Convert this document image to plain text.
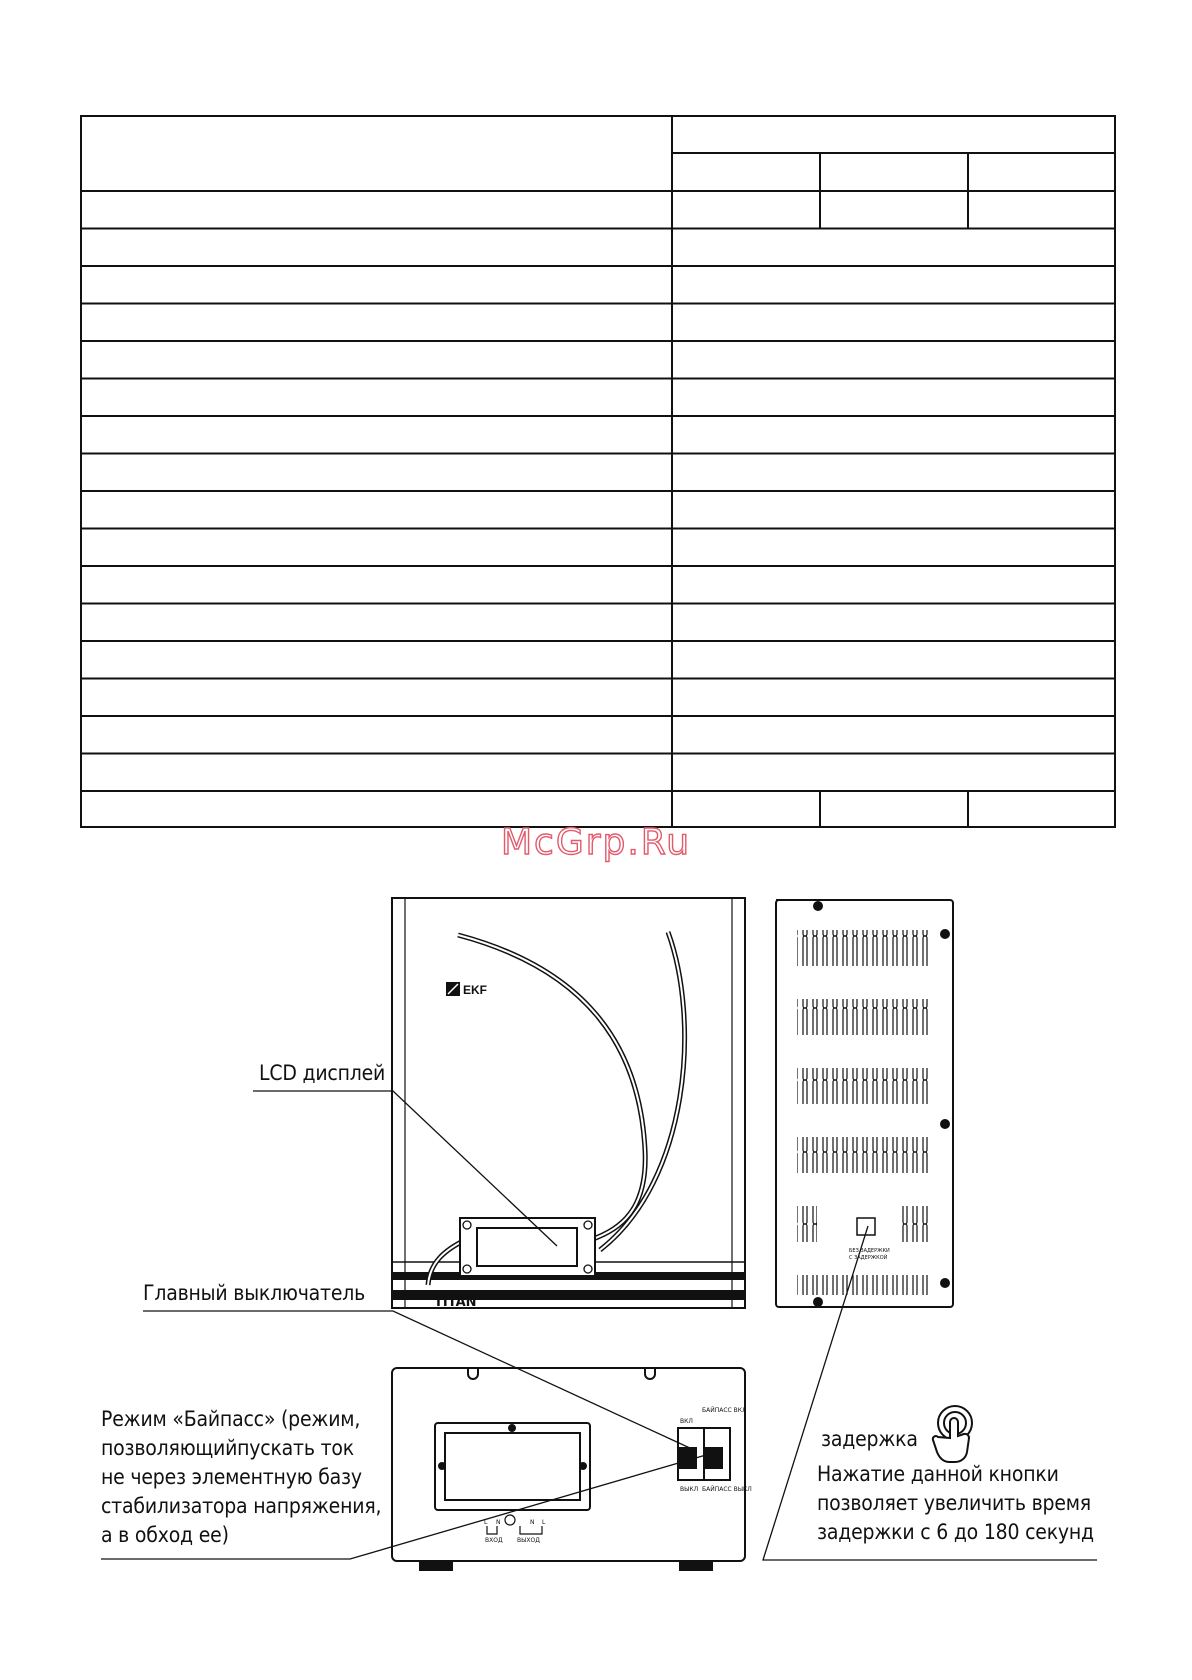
McGrp.Ru
EKF
TITAN
БЕЗ ЗАДЕРЖКИ
С ЗАДЕРЖКОЙ
ВКЛ
БАЙПАСС ВКЛ
ВЫКЛ БАЙПАСС ВЫКЛ
ВХОД ВЫХОД
L N	N L
LCD дисплей
Главный выключатель
Режим «Байпасс» (режим,
позволяющийпускать ток
не через элементную базу
стабилизатора напряжения,
а в обход ее)
задержка
Нажатие данной кнопки
позволяет увеличить время
задержки с 6 до 180 секунд
